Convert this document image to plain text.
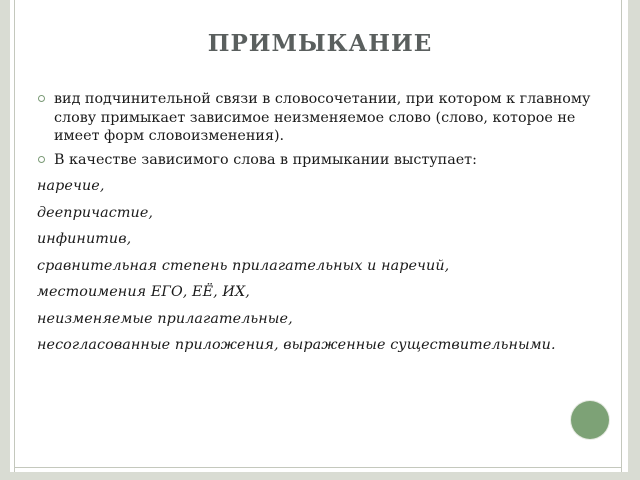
ПРИМЫКАНИЕ
вид подчинительной связи в словосочетании, при котором к главному слову примыкает зависимое неизменяемое слово (слово, которое не имеет форм словоизменения).
В качестве зависимого слова в примыкании выступает:
наречие,
деепричастие,
инфинитив,
сравнительная степень прилагательных и наречий,
местоимения ЕГО, ЕЁ, ИХ,
неизменяемые прилагательные,
несогласованные приложения, выраженные существительными.
